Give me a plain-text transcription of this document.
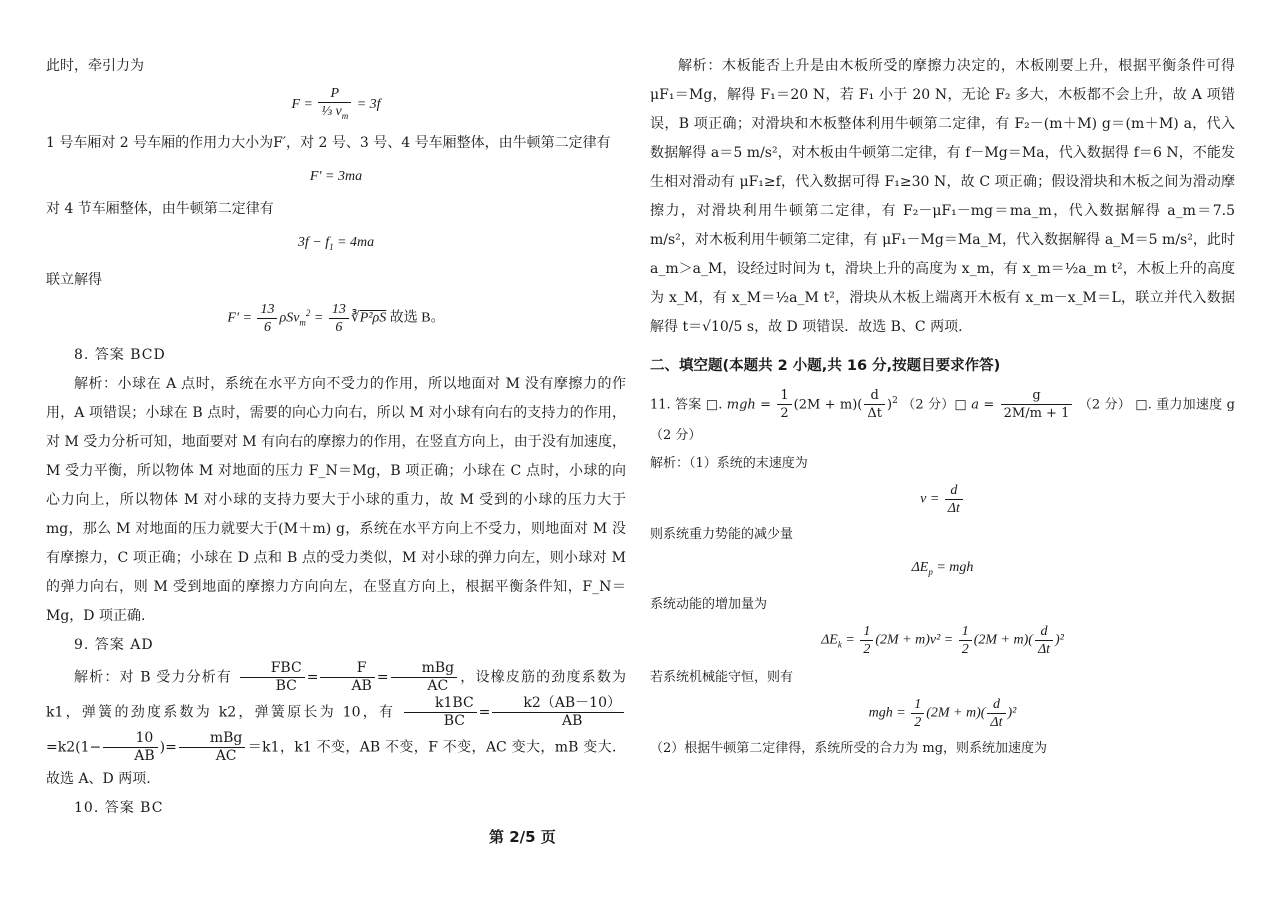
此时，牵引力为

$F = \frac{P}{\frac{1}{3} v_m} = 3f$

1 号车厢对 2 号车厢的作用力大小为F′，对 2 号、3 号、4 号车厢整体，由牛顿第二定律有

F′ = 3ma

对 4 节车厢整体，由牛顿第二定律有

$3f - f_1 = 4ma$

联立解得

$F' = \frac{13}{6} \rho Sv_m^2 = \frac{13}{6}$ ∛P²ρS 故选 B。

8. 答案 BCD

解析：小球在 A 点时，系统在水平方向不受力的作用，所以地面对 M 没有摩擦力的作用，A 项错误；小球在 B 点时，需要的向心力向右，所以 M 对小球有向右的支持力的作用，对 M 受力分析可知，地面要对 M 有向右的摩擦力的作用，在竖直方向上，由于没有加速度，M 受力平衡，所以物体 M 对地面的压力 F_N＝Mg，B 项正确；小球在 C 点时，小球的向心力向上，所以物体 M 对小球的支持力要大于小球的重力，故 M 受到的小球的压力大于 mg，那么 M 对地面的压力就要大于(M＋m) g，系统在水平方向上不受力，则地面对 M 没有摩擦力，C 项正确；小球在 D 点和 B 点的受力类似，M 对小球的弹力向左，则小球对 M 的弹力向右，则 M 受到地面的摩擦力方向向左，在竖直方向上，根据平衡条件知，F_N＝Mg，D 项正确.

9. 答案 AD

解析：对 B 受力分析有 $\frac{\text{FBC}}{BC} = \frac{F}{AB} = \frac{\text{mBg}}{AC}$ ，设橡皮筋的劲度系数为 k1，弹簧的劲度系数为 k2，弹簧原长为 10，有 $\frac{k1BC}{BC} = \frac{k2(AB-10)}{AB}$
$=k2(1- \frac{10}{AB}$ )= $\frac{\text{mBg}}{AC} =k1$，k1 不变，AB 不变，F 不变，AC 变大，mB 变大．故选 A、D 两项.

10. 答案 BC

解析：木板能否上升是由木板所受的摩擦力决定的，木板刚要上升，根据平衡条件可得 μF₁＝Mg，解得 F₁＝20 N，若 F₁ 小于 20 N，无论 F₂ 多大，木板都不会上升，故 A 项错误，B 项正确；对滑块和木板整体利用牛顿第二定律，有 F₂－(m＋M) g＝(m＋M) a，代入数据解得 a＝5 m/s²，对木板由牛顿第二定律，有 f－Mg＝Ma，代入数据得 f＝6 N，不能发生相对滑动有 μF₁≥f，代入数据可得 F₁≥30 N，故 C 项正确；假设滑块和木板之间为滑动摩擦力，对滑块利用牛顿第二定律，有 F₂－μF₁－mg＝ma_m，代入数据解得 a_m＝7.5 m/s²，对木板利用牛顿第二定律，有 μF₁－Mg＝Ma_M，代入数据解得 a_M＝5 m/s²，此时 a_m＞a_M，设经过时间为 t，滑块上升的高度为 x_m，有 x_m＝½a_m t²，木板上升的高度为 x_M，有 x_M＝½a_M t²，滑块从木板上端离开木板有 x_m－x_M＝L，联立并代入数据解得 t＝√10/5 s，故 D 项错误．故选 B、C 两项.

二、填空题(本题共 2 小题,共 16 分,按题目要求作答)

11. 答案 □. mgh = $\frac{1}{2} (2M + m)( \frac{d}{\Delta t} )^2$ （2 分）□ $a = \frac{g}{2M/m + 1} (2$ 分） □. 重力加速度 g （2 分）

解析：（1）系统的末速度为

$v = \frac{d}{\Delta t}$

则系统重力势能的减少量

$\Delta E_p$ = mgh

系统动能的增加量为

$\Delta E_k = \frac{1}{2} (2M + m)v^2 = \frac{1}{2} (2M + m)( \frac{d}{\Delta t} )^2$

若系统机械能守恒，则有

mgh = $\frac{1}{2} (2M + m)( \frac{d}{\Delta t} )^2$

（2）根据牛顿第二定律得，系统所受的合力为 mg，则系统加速度为

第 2/5 页
